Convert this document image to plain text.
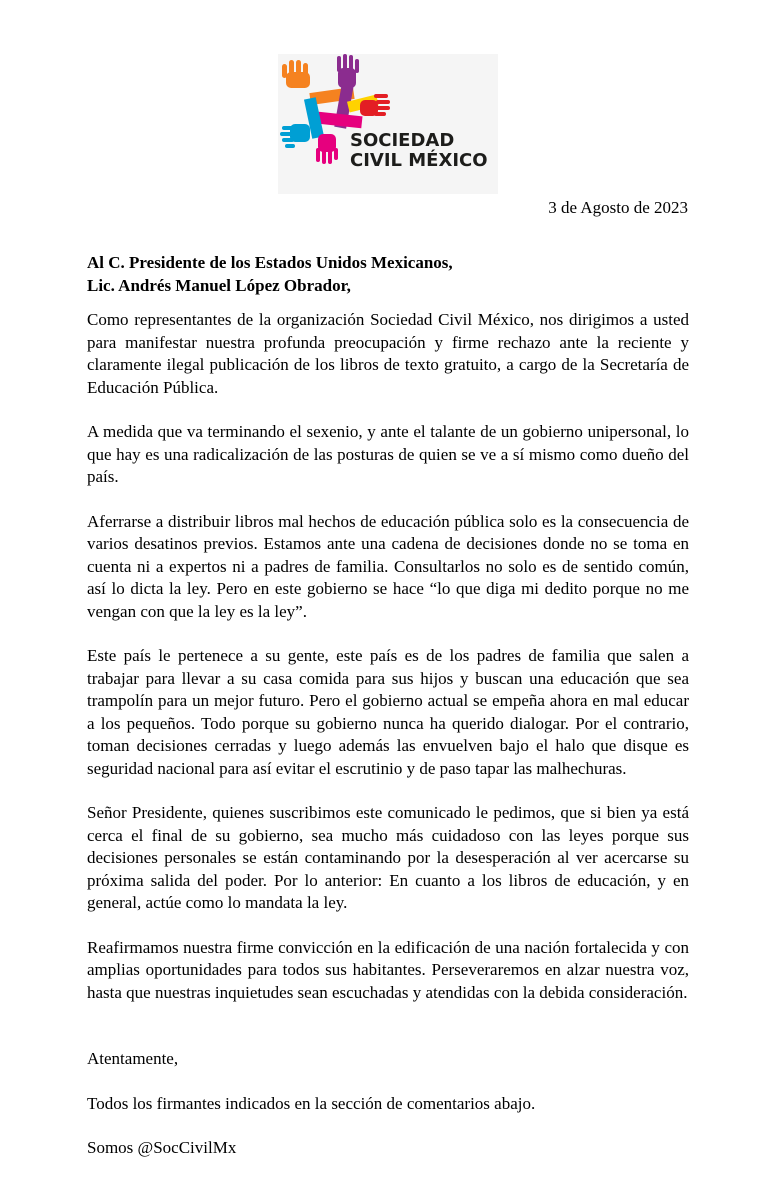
SOCIEDAD
CIVIL MÉXICO
3 de Agosto de 2023
Al C. Presidente de los Estados Unidos Mexicanos,
Lic. Andrés Manuel López Obrador,

Como representantes de la organización Sociedad Civil México, nos dirigimos a usted para manifestar nuestra profunda preocupación y firme rechazo ante la reciente y claramente ilegal publicación de los libros de texto gratuito, a cargo de la Secretaría de Educación Pública.

A medida que va terminando el sexenio, y ante el talante de un gobierno unipersonal, lo que hay es una radicalización de las posturas de quien se ve a sí mismo como dueño del país.

Aferrarse a distribuir libros mal hechos de educación pública solo es la consecuencia de varios desatinos previos. Estamos ante una cadena de decisiones donde no se toma en cuenta ni a expertos ni a padres de familia. Consultarlos no solo es de sentido común, así lo dicta la ley. Pero en este gobierno se hace “lo que diga mi dedito porque no me vengan con que la ley es la ley”.

Este país le pertenece a su gente, este país es de los padres de familia que salen a trabajar para llevar a su casa comida para sus hijos y buscan una educación que sea trampolín para un mejor futuro. Pero el gobierno actual se empeña ahora en mal educar a los pequeños. Todo porque su gobierno nunca ha querido dialogar. Por el contrario, toman decisiones cerradas y luego además las envuelven bajo el halo que disque es seguridad nacional para así evitar el escrutinio y de paso tapar las malhechuras.

Señor Presidente, quienes suscribimos este comunicado le pedimos, que si bien ya está cerca el final de su gobierno, sea mucho más cuidadoso con las leyes porque sus decisiones personales se están contaminando por la desesperación al ver acercarse su próxima salida del poder. Por lo anterior: En cuanto a los libros de educación, y en general, actúe como lo mandata la ley.

Reafirmamos nuestra firme convicción en la edificación de una nación fortalecida y con amplias oportunidades para todos sus habitantes. Perseveraremos en alzar nuestra voz, hasta que nuestras inquietudes sean escuchadas y atendidas con la debida consideración.

Atentamente,

Todos los firmantes indicados en la sección de comentarios abajo.

Somos @SocCivilMx
